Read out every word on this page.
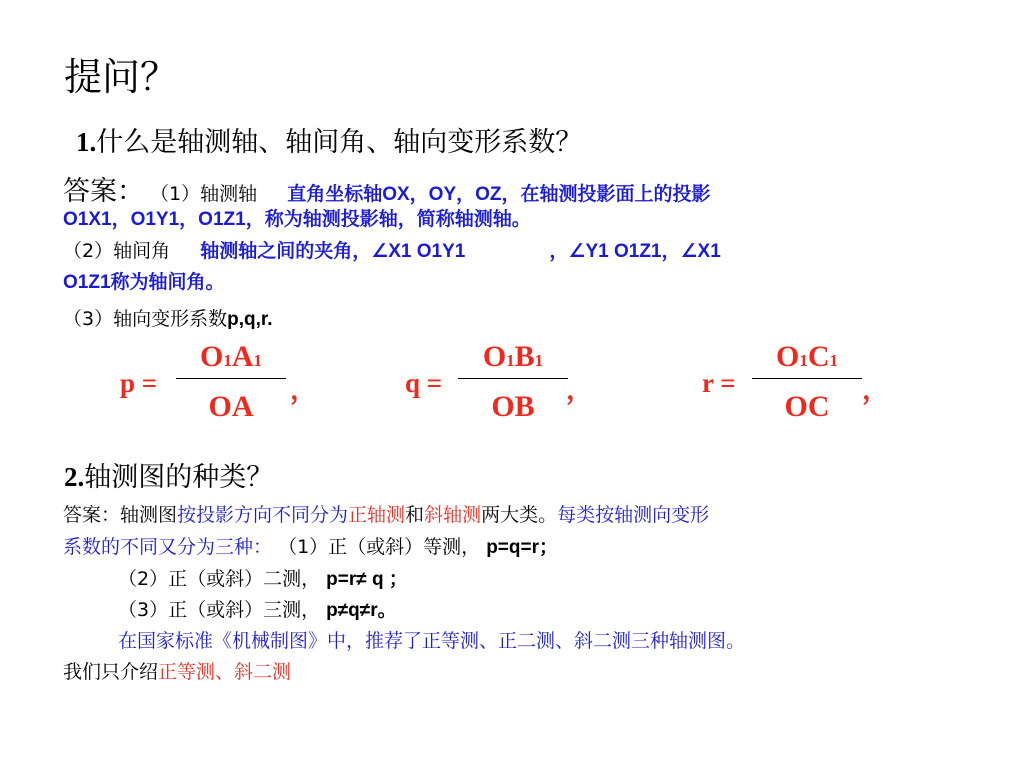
提问？
1.什么是轴测轴、轴间角、轴向变形系数？
答案： （1）轴测轴 直角坐标轴OX，OY，OZ，在轴测投影面上的投影
O1X1，O1Y1，O1Z1，称为轴测投影轴，简称轴测轴。
（2）轴间角 轴测轴之间的夹角，∠X1 O1Y1	，∠Y1 O1Z1，∠X1
O1Z1称为轴间角。
（3）轴向变形系数p,q,r.
p =
O1A1
OA	，	q =
O1B1
OB	，	r =
O1C1
OC	，
2.轴测图的种类？
答案：轴测图按投影方向不同分为正轴测和斜轴测两大类。每类按轴测向变形
系数的不同又分为三种： （1）正（或斜）等测， p=q=r；
（2）正（或斜）二测， p=r≠ q ；
（3）正（或斜）三测， p≠q≠r。
在国家标准《机械制图》中，推荐了正等测、正二测、斜二测三种轴测图。
我们只介绍正等测、斜二测
